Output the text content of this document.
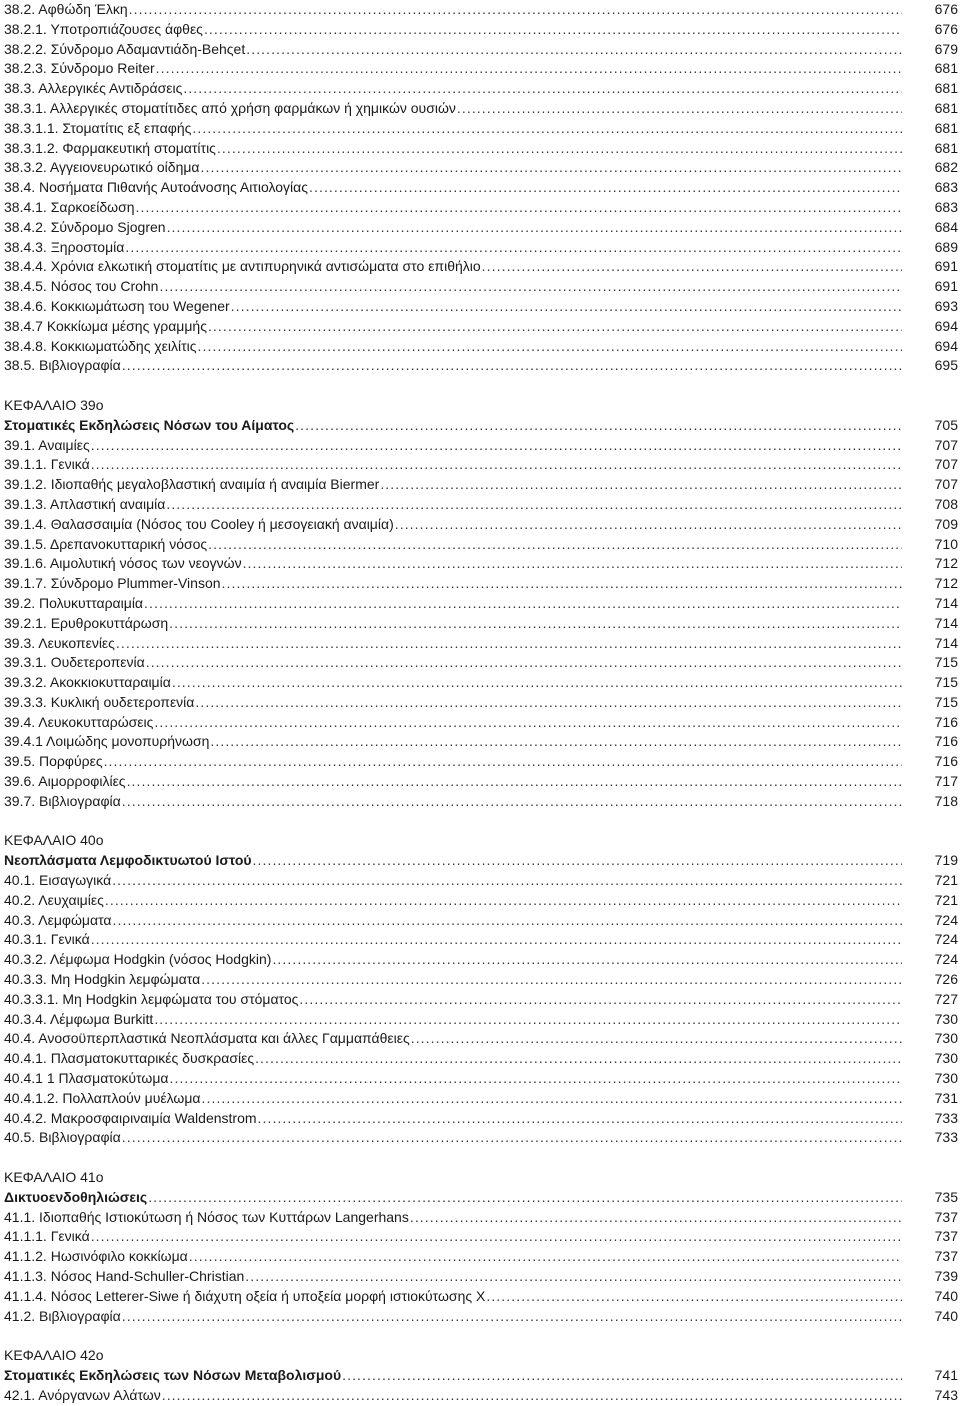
38.2. Αφθώδη Έλκη . . .	676
38.2.1. Υποτροπιάζουσες άφθες . . .	676
38.2.2. Σύνδρομο Αδαμαντιάδη-Behςet . . .	679
38.2.3. Σύνδρομο Reiter . . .	681
38.3. Αλλεργικές Αντιδράσεις . . .	681
38.3.1. Αλλεργικές στοματίτιδες από χρήση φαρμάκων ή χημικών ουσιών . . .	681
38.3.1.1. Στοματίτις εξ επαφής . . .	681
38.3.1.2. Φαρμακευτική στοματίτις . . .	681
38.3.2. Αγγειονευρωτικό οίδημα . . .	682
38.4. Νοσήματα Πιθανής Αυτοάνοσης Αιτιολογίας . . .	683
38.4.1. Σαρκοείδωση . . .	683
38.4.2. Σύνδρομο Sjogren . . .	684
38.4.3. Ξηροστομία . . .	689
38.4.4. Χρόνια ελκωτική στοματίτις με αντιπυρηνικά αντισώματα στο επιθήλιο . . .	691
38.4.5. Νόσος του Crohn . . .	691
38.4.6. Κοκκιωμάτωση του Wegener . . .	693
38.4.7 Κοκκίωμα μέσης γραμμής . . .	694
38.4.8. Κοκκιωματώδης χειλίτις . . .	694
38.5. Βιβλιογραφία . . .	695
ΚΕΦΑΛΑΙΟ 39ο
Στοματικές Εκδηλώσεις Νόσων του Αίματος . . .	705
39.1. Αναιμίες . . .	707
39.1.1. Γενικά . . .	707
39.1.2. Ιδιοπαθής μεγαλοβλαστική αναιμία ή αναιμία Biermer . . .	707
39.1.3. Απλαστική αναιμία . . .	708
39.1.4. Θαλασσαιμία (Νόσος του Cooley ή μεσογειακή αναιμία) . . .	709
39.1.5. Δρεπανοκυτταρική νόσος . . .	710
39.1.6. Αιμολυτική νόσος των νεογνών . . .	712
39.1.7. Σύνδρομο Plummer-Vinson . . .	712
39.2. Πολυκυτταραιμία . . .	714
39.2.1. Ερυθροκυττάρωση . . .	714
39.3. Λευκοπενίες . . .	714
39.3.1. Ουδετεροπενία . . .	715
39.3.2. Ακοκκιοκυτταραιμία . . .	715
39.3.3. Κυκλική ουδετεροπενία . . .	715
39.4. Λευκοκυτταρώσεις . . .	716
39.4.1 Λοιμώδης μονοπυρήνωση . . .	716
39.5. Πορφύρες . . .	716
39.6. Αιμορροφιλίες . . .	717
39.7. Βιβλιογραφία . . .	718
ΚΕΦΑΛΑΙΟ 40ο
Νεοπλάσματα Λεμφοδικτυωτού Ιστού . . .	719
40.1. Εισαγωγικά . . .	721
40.2. Λευχαιμίες . . .	721
40.3. Λεμφώματα . . .	724
40.3.1. Γενικά . . .	724
40.3.2. Λέμφωμα Hodgkin (νόσος Hodgkin) . . .	724
40.3.3. Μη Hodgkin λεμφώματα . . .	726
40.3.3.1. Μη Hodgkin λεμφώματα του στόματος . . .	727
40.3.4. Λέμφωμα Burkitt . . .	730
40.4. Ανοσοϋπερπλαστικά Νεοπλάσματα και άλλες Γαμμαπάθειες . . .	730
40.4.1. Πλασματοκυτταρικές δυσκρασίες . . .	730
40.4.1 1 Πλασματοκύτωμα . . .	730
40.4.1.2. Πολλαπλούν μυέλωμα . . .	731
40.4.2. Μακροσφαιριναιμία Waldenstrom . . .	733
40.5. Βιβλιογραφία . . .	733
ΚΕΦΑΛΑΙΟ 41ο
Δικτυοενδοθηλιώσεις . . .	735
41.1. Ιδιοπαθής Ιστιοκύτωση ή Νόσος των Κυττάρων Langerhans . . .	737
41.1.1. Γενικά . . .	737
41.1.2. Ηωσινόφιλο κοκκίωμα . . .	737
41.1.3. Νόσος Hand-Schuller-Christian . . .	739
41.1.4. Νόσος Letterer-Siwe ή διάχυτη οξεία ή υποξεία μορφή ιστιοκύτωσης Χ . . .	740
41.2. Βιβλιογραφία . . .	740
ΚΕΦΑΛΑΙΟ 42ο
Στοματικές Εκδηλώσεις των Νόσων Μεταβολισμού . . .	741
42.1. Ανόργανων Αλάτων . . .	743
